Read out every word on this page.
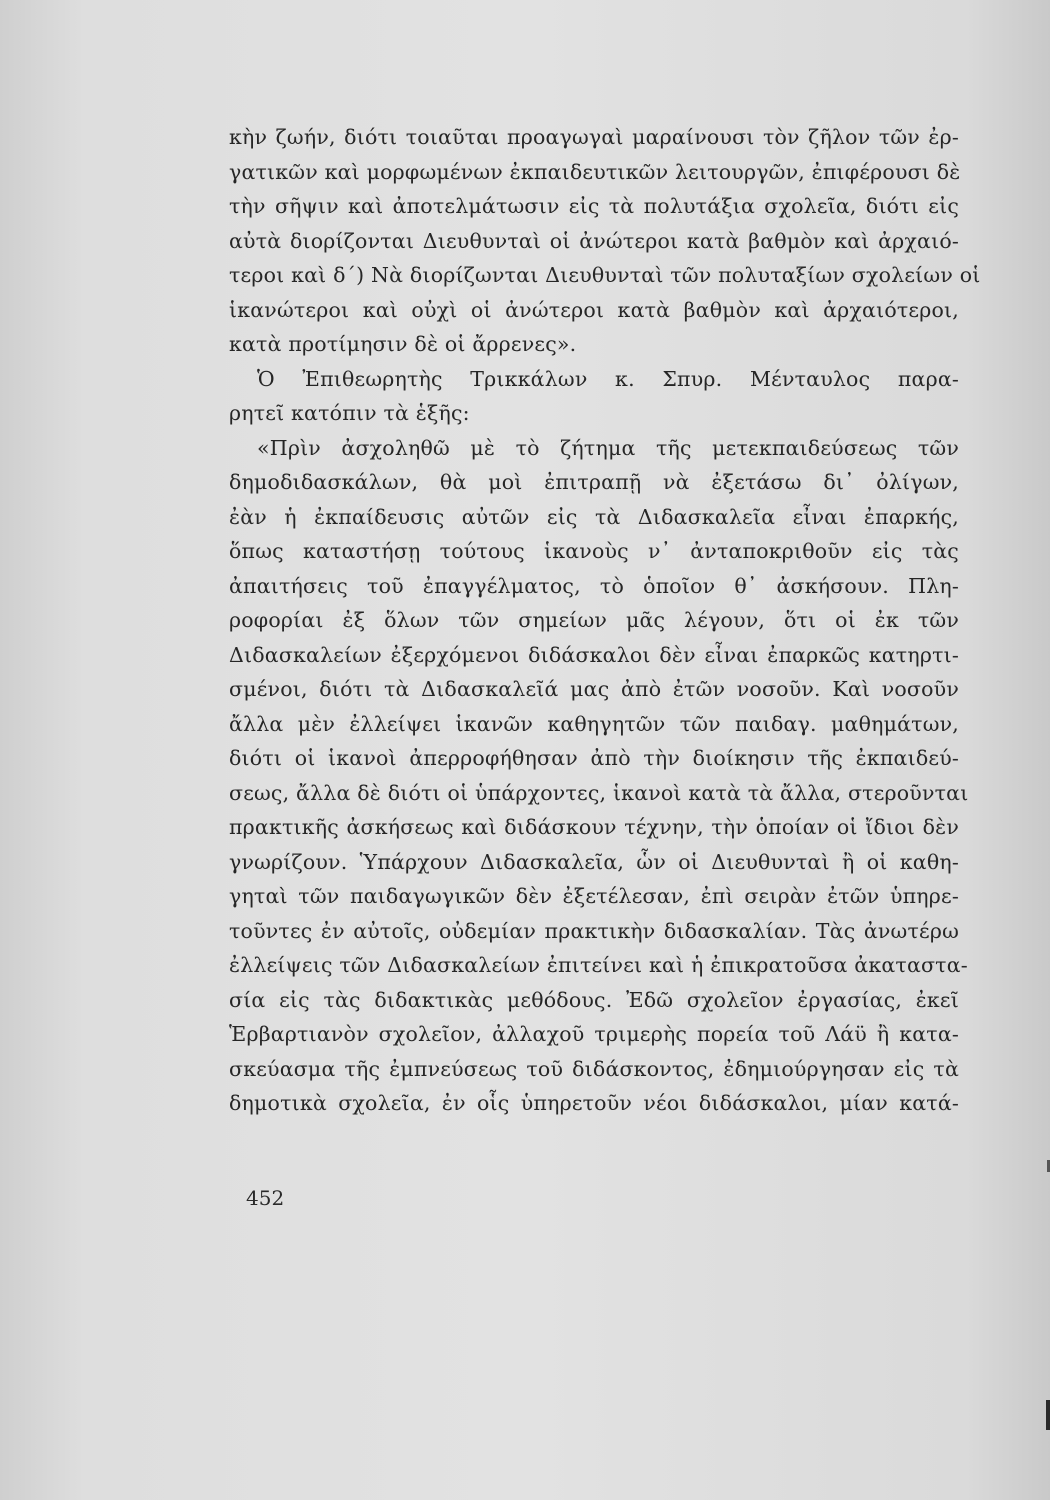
κὴν ζωήν, διότι τοιαῦται προαγωγαὶ μαραίνουσι τὸν ζῆλον τῶν ἐρ-
γατικῶν καὶ μορφωμένων ἐκπαιδευτικῶν λειτουργῶν, ἐπιφέρουσι δὲ
τὴν σῆψιν καὶ ἀποτελμάτωσιν εἰς τὰ πολυτάξια σχολεῖα, διότι εἰς
αὐτὰ διορίζονται Διευθυνταὶ οἱ ἀνώτεροι κατὰ βαθμὸν καὶ ἀρχαιό-
τεροι καὶ δ΄) Νὰ διορίζωνται Διευθυνταὶ τῶν πολυταξίων σχολείων οἱ
ἱκανώτεροι καὶ οὐχὶ οἱ ἀνώτεροι κατὰ βαθμὸν καὶ ἀρχαιότεροι,
κατὰ προτίμησιν δὲ οἱ ἄρρενες».
Ὁ Ἐπιθεωρητὴς Τρικκάλων κ. Σπυρ. Μένταυλος παρα-
ρητεῖ κατόπιν τὰ ἑξῆς:
«Πρὶν ἀσχοληθῶ μὲ τὸ ζήτημα τῆς μετεκπαιδεύσεως τῶν
δημοδιδασκάλων, θὰ μοὶ ἐπιτραπῇ νὰ ἐξετάσω δι᾽ ὀλίγων,
ἐὰν ἡ ἐκπαίδευσις αὐτῶν εἰς τὰ Διδασκαλεῖα εἶναι ἐπαρκής,
ὅπως καταστήσῃ τούτους ἱκανοὺς ν᾽ ἀνταποκριθοῦν εἰς τὰς
ἀπαιτήσεις τοῦ ἐπαγγέλματος, τὸ ὁποῖον θ᾽ ἀσκήσουν. Πλη-
ροφορίαι ἐξ ὅλων τῶν σημείων μᾶς λέγουν, ὅτι οἱ ἐκ τῶν
Διδασκαλείων ἐξερχόμενοι διδάσκαλοι δὲν εἶναι ἐπαρκῶς κατηρτι-
σμένοι, διότι τὰ Διδασκαλεῖά μας ἀπὸ ἐτῶν νοσοῦν. Καὶ νοσοῦν
ἄλλα μὲν ἐλλείψει ἱκανῶν καθηγητῶν τῶν παιδαγ. μαθημάτων,
διότι οἱ ἱκανοὶ ἀπερροφήθησαν ἀπὸ τὴν διοίκησιν τῆς ἐκπαιδεύ-
σεως, ἄλλα δὲ διότι οἱ ὑπάρχοντες, ἱκανοὶ κατὰ τὰ ἄλλα, στεροῦνται
πρακτικῆς ἀσκήσεως καὶ διδάσκουν τέχνην, τὴν ὁποίαν οἱ ἴδιοι δὲν
γνωρίζουν. Ὑπάρχουν Διδασκαλεῖα, ὧν οἱ Διευθυνταὶ ἢ οἱ καθη-
γηταὶ τῶν παιδαγωγικῶν δὲν ἐξετέλεσαν, ἐπὶ σειρὰν ἐτῶν ὑπηρε-
τοῦντες ἐν αὐτοῖς, οὐδεμίαν πρακτικὴν διδασκαλίαν. Τὰς ἀνωτέρω
ἐλλείψεις τῶν Διδασκαλείων ἐπιτείνει καὶ ἡ ἐπικρατοῦσα ἀκαταστα-
σία εἰς τὰς διδακτικὰς μεθόδους. Ἐδῶ σχολεῖον ἐργασίας, ἐκεῖ
Ἑρβαρτιανὸν σχολεῖον, ἀλλαχοῦ τριμερὴς πορεία τοῦ Λάϋ ἢ κατα-
σκεύασμα τῆς ἐμπνεύσεως τοῦ διδάσκοντος, ἐδημιούργησαν εἰς τὰ
δημοτικὰ σχολεῖα, ἐν οἷς ὑπηρετοῦν νέοι διδάσκαλοι, μίαν κατά-
452
